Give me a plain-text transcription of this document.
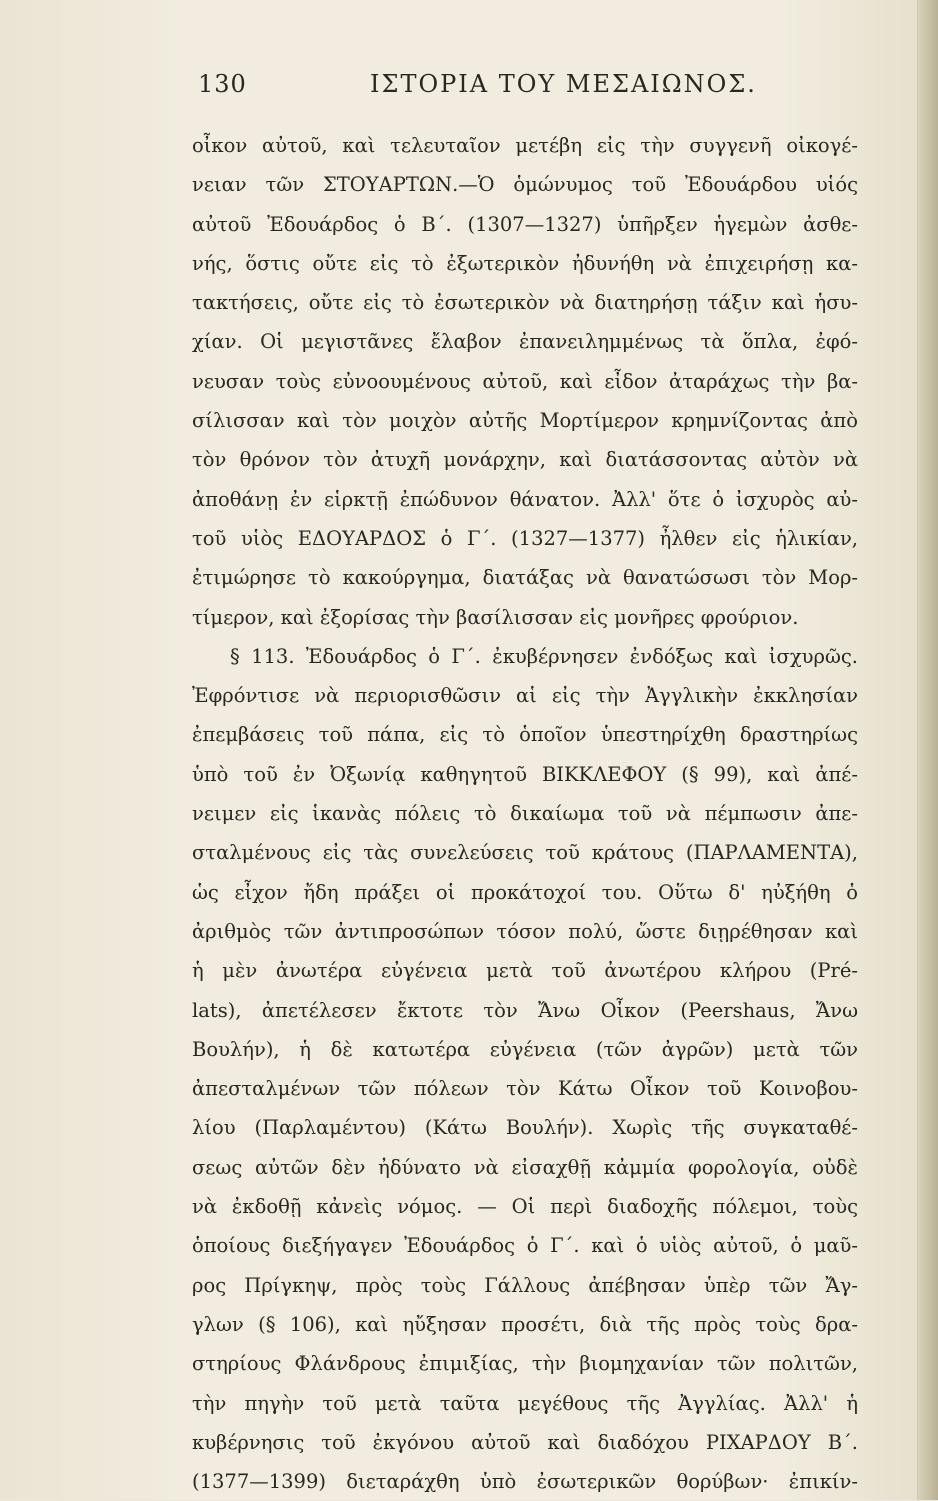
130	ΙΣΤΟΡΙΑ ΤΟΥ ΜΕΣΑΙΩΝΟΣ.
οἶκον αὐτοῦ, καὶ τελευταῖον μετέβη εἰς τὴν συγγενῆ οἰκογέ-
νειαν τῶν ΣΤΟΥΑΡΤΩΝ.—Ὁ ὁμώνυμος τοῦ Ἐδουάρδου υἱός
αὐτοῦ Ἐδουάρδος ὁ Β΄. (1307—1327) ὑπῆρξεν ἡγεμὼν ἀσθε-
νής, ὅστις οὔτε εἰς τὸ ἐξωτερικὸν ἠδυνήθη νὰ ἐπιχειρήσῃ κα-
τακτήσεις, οὔτε εἰς τὸ ἐσωτερικὸν νὰ διατηρήσῃ τάξιν καὶ ἡσυ-
χίαν. Οἱ μεγιστᾶνες ἔλαβον ἐπανειλημμένως τὰ ὅπλα, ἐφό-
νευσαν τοὺς εὐνοουμένους αὐτοῦ, καὶ εἶδον ἀταράχως τὴν βα-
σίλισσαν καὶ τὸν μοιχὸν αὐτῆς Μορτίμερον κρημνίζοντας ἀπὸ
τὸν θρόνον τὸν ἀτυχῆ μονάρχην, καὶ διατάσσοντας αὐτὸν νὰ
ἀποθάνῃ ἐν εἱρκτῇ ἐπώδυνον θάνατον. Ἀλλ' ὅτε ὁ ἰσχυρὸς αὐ-
τοῦ υἱὸς ΕΔΟΥΑΡΔΟΣ ὁ Γ΄. (1327—1377) ἦλθεν εἰς ἡλικίαν,
ἐτιμώρησε τὸ κακούργημα, διατάξας νὰ θανατώσωσι τὸν Μορ-
τίμερον, καὶ ἐξορίσας τὴν βασίλισσαν εἰς μονῆρες φρούριον.
§ 113. Ἐδουάρδος ὁ Γ΄. ἐκυβέρνησεν ἐνδόξως καὶ ἰσχυρῶς.
Ἐφρόντισε νὰ περιορισθῶσιν αἱ εἰς τὴν Ἀγγλικὴν ἐκκλησίαν
ἐπεμβάσεις τοῦ πάπα, εἰς τὸ ὁποῖον ὑπεστηρίχθη δραστηρίως
ὑπὸ τοῦ ἐν Ὀξωνίᾳ καθηγητοῦ ΒΙΚΚΛΕΦΟΥ (§ 99), καὶ ἀπέ-
νειμεν εἰς ἱκανὰς πόλεις τὸ δικαίωμα τοῦ νὰ πέμπωσιν ἀπε-
σταλμένους εἰς τὰς συνελεύσεις τοῦ κράτους (ΠΑΡΛΑΜΕΝΤΑ),
ὡς εἶχον ἤδη πράξει οἱ προκάτοχοί του. Οὕτω δ' ηὐξήθη ὁ
ἀριθμὸς τῶν ἀντιπροσώπων τόσον πολύ, ὥστε διῃρέθησαν καὶ
ἡ μὲν ἀνωτέρα εὐγένεια μετὰ τοῦ ἀνωτέρου κλήρου (Pré-
lats), ἀπετέλεσεν ἔκτοτε τὸν Ἄνω Οἶκον (Peershaus, Ἄνω
Βουλήν), ἡ δὲ κατωτέρα εὐγένεια (τῶν ἀγρῶν) μετὰ τῶν
ἀπεσταλμένων τῶν πόλεων τὸν Κάτω Οἶκον τοῦ Κοινοβου-
λίου (Παρλαμέντου) (Κάτω Βουλήν). Χωρὶς τῆς συγκαταθέ-
σεως αὐτῶν δὲν ἠδύνατο νὰ εἰσαχθῇ κἀμμία φορολογία, οὐδὲ
νὰ ἐκδοθῇ κἀνεὶς νόμος. — Οἱ περὶ διαδοχῆς πόλεμοι, τοὺς
ὁποίους διεξήγαγεν Ἐδουάρδος ὁ Γ΄. καὶ ὁ υἱὸς αὐτοῦ, ὁ μαῦ-
ρος Πρίγκηψ, πρὸς τοὺς Γάλλους ἀπέβησαν ὑπὲρ τῶν Ἄγ-
γλων (§ 106), καὶ ηὔξησαν προσέτι, διὰ τῆς πρὸς τοὺς δρα-
στηρίους Φλάνδρους ἐπιμιξίας, τὴν βιομηχανίαν τῶν πολιτῶν,
τὴν πηγὴν τοῦ μετὰ ταῦτα μεγέθους τῆς Ἀγγλίας. Ἀλλ' ἡ
κυβέρνησις τοῦ ἐκγόνου αὐτοῦ καὶ διαδόχου ΡΙΧΑΡΔΟΥ Β΄.
(1377—1399) διεταράχθη ὑπὸ ἐσωτερικῶν θορύβων· ἐπικίν-
